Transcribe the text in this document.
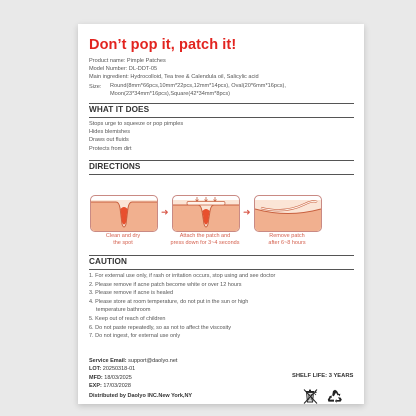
Don’t pop it, patch it!
Product name: Pimple Patches
Model Number: DL-DDT-05
Main ingredient: Hydrocolloid, Tea tree & Calendula oil, Salicylic acid
Size:	Round(8mm*66pcs,10mm*22pcs,12mm*14pcs), Oval(20*6mm*16pcs),
Moon(23*34mm*16pcs),Square(42*34mm*8pcs)
WHAT IT DOES
Stops urge to squeeze or pop pimples
Hides blemishes
Draws out fluids
Protects from dirt
DIRECTIONS
➜	➜
Clean and dry
the spot
Attach the patch and
press down for 3~4 seconds
Remove patch
after 6~8 hours
CAUTION
1. For external use only, if rash or irritation occurs, stop using and see doctor
2. Please remove if acne patch become white or over 12 hours
3. Please remove if acne is healed
4. Please store at room temperature, do not put in the sun or high
temperature bathroom
5. Keep out of reach of children
6. Do not paste repeatedly, so as not to affect the viscosity
7. Do not ingest, for external use only
Service Email: support@daolyo.net
LOT: 20250318-01
MFD: 18/03/2025
EXP: 17/03/2028
Distributed by Daolyo INC.New York,NY
SHELF LIFE: 3 YEARS
